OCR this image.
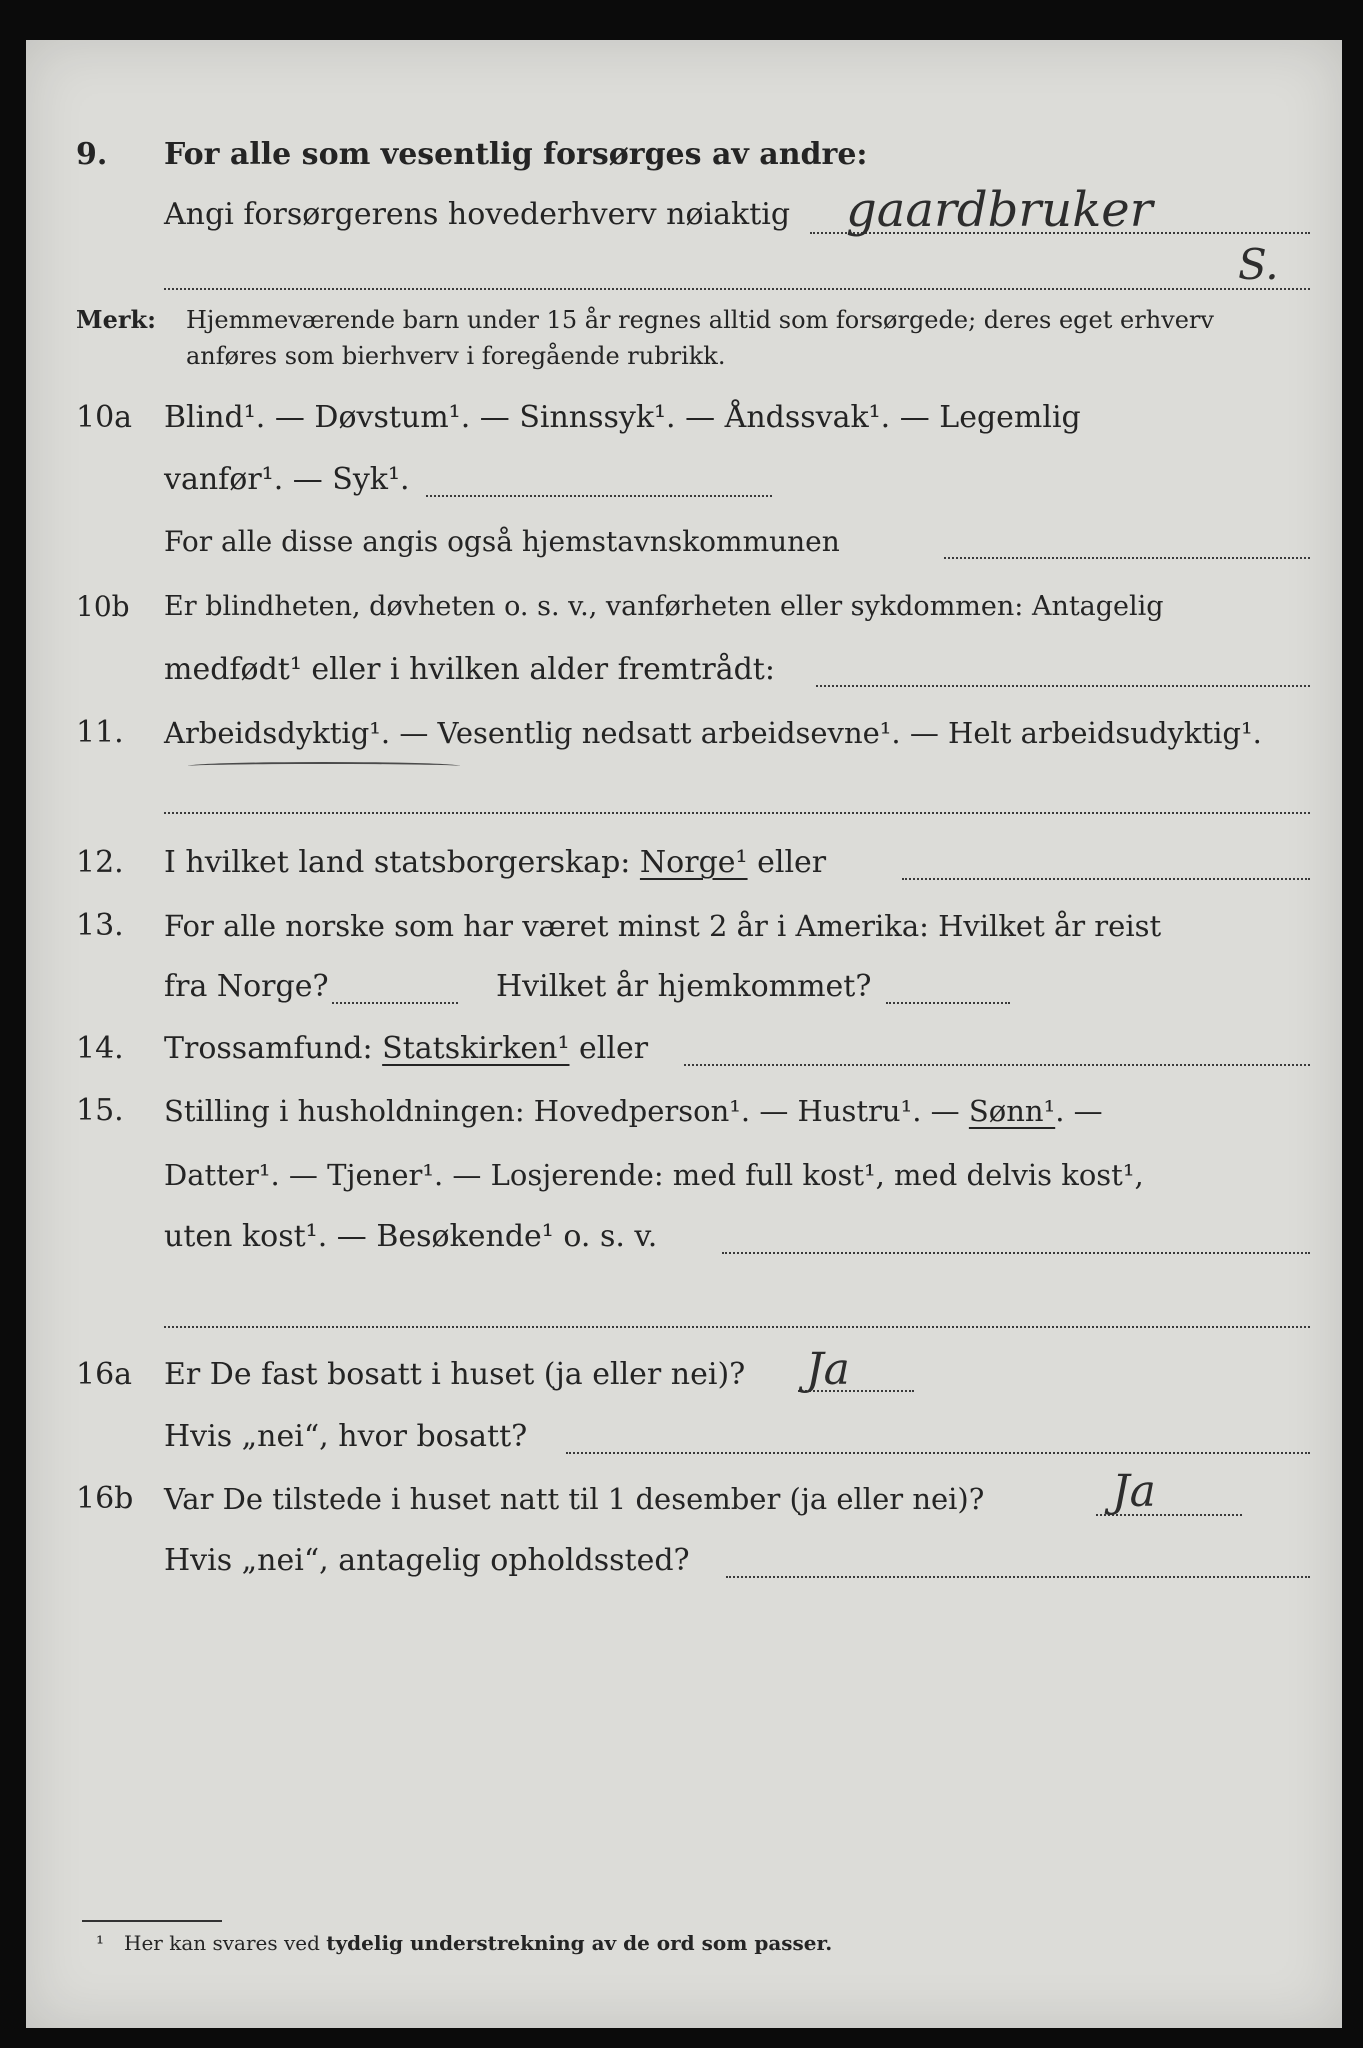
9. For alle som vesentlig forsørges av andre:
Angi forsørgerens hovederhverv nøiaktig gaardbruker
S.
Merk: Hjemmeværende barn under 15 år regnes alltid som forsørgede; deres eget erhverv
anføres som bierhverv i foregående rubrikk.
10a Blind¹. — Døvstum¹. — Sinnssyk¹. — Åndssvak¹. — Legemlig
vanfør¹. — Syk¹.
For alle disse angis også hjemstavnskommunen
10b Er blindheten, døvheten o. s. v., vanførheten eller sykdommen: Antagelig
medfødt¹ eller i hvilken alder fremtrådt:
11. Arbeidsdyktig¹. — Vesentlig nedsatt arbeidsevne¹. — Helt arbeidsudyktig¹.
12. I hvilket land statsborgerskap: Norge¹ eller
13. For alle norske som har været minst 2 år i Amerika: Hvilket år reist
fra Norge?	Hvilket år hjemkommet?
14. Trossamfund: Statskirken¹ eller
15. Stilling i husholdningen: Hovedperson¹. — Hustru¹. — Sønn¹. —
Datter¹. — Tjener¹. — Losjerende: med full kost¹, med delvis kost¹,
uten kost¹. — Besøkende¹ o. s. v.
16a Er De fast bosatt i huset (ja eller nei)? Ja
Hvis „nei“, hvor bosatt?
16b Var De tilstede i huset natt til 1 desember (ja eller nei)?	Ja
Hvis „nei“, antagelig opholdssted?
¹ Her kan svares ved tydelig understrekning av de ord som passer.
